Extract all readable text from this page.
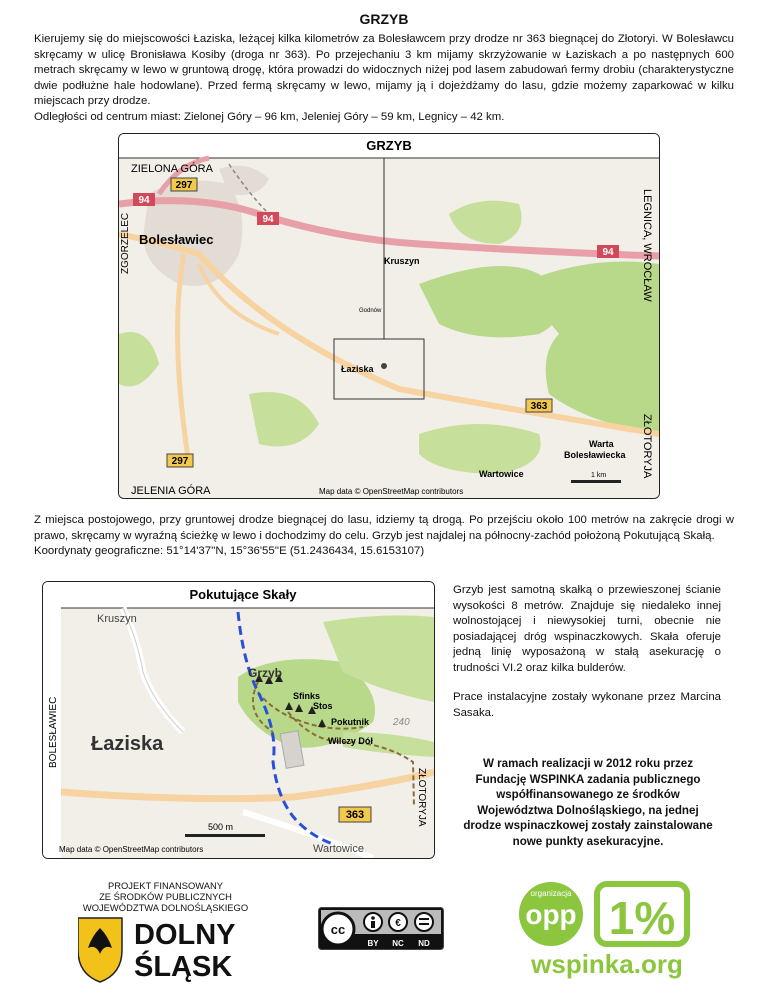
GRZYB

Kierujemy się do miejscowości Łaziska, leżącej kilka kilometrów za Bolesławcem przy drodze nr 363 biegnącej do Złotoryi. W Bolesławcu skręcamy w ulicę Bronisława Kosiby (droga nr 363). Po przejechaniu 3 km mijamy skrzyżowanie w Łaziskach a po następnych 600 metrach skręcamy w lewo w gruntową drogę, która prowadzi do widocznych niżej pod lasem zabudowań fermy drobiu (charakterystyczne dwie podłużne hale hodowlane). Przed fermą skręcamy w lewo, mijamy ją i dojeżdżamy do lasu, gdzie możemy zaparkować w kilku miejscach przy drodze.

Odległości od centrum miast: Zielonej Góry – 96 km, Jeleniej Góry – 59 km, Legnicy – 42 km.

297
94
94
94
363
297
GRZYB
ZIELONA GÓRA
Bolesławiec
Kruszyn
Godnów
Łaziska
Warta
Bolesławiecka
Wartowice
JELENIA GÓRA	Map data © OpenStreetMap contributors
1 km
ZGORZELEC	LEGNICA, WROCŁAW
ZŁOTORYJA

Z miejsca postojowego, przy gruntowej drodze biegnącej do lasu, idziemy tą drogą. Po przejściu około 100 metrów na zakręcie drogi w prawo, skręcamy w wyraźną ścieżkę w lewo i dochodzimy do celu. Grzyb jest najdalej na północny-zachód położoną Pokutującą Skałą.

Koordynaty geograficzne: 51°14'37''N, 15°36'55''E (51.2436434, 15.6153107)

Pokutujące Skały
Kruszyn
Grzyb
Sfinks
Stos
Pokutnik 240
Wilczy Dół
Łaziska
363
500 m
Map data © OpenStreetMap contributors	Wartowice
BOLESŁAWIEC
ZŁOTORYJA

Grzyb jest samotną skałką o przewieszonej ścianie wysokości 8 metrów. Znajduje się niedaleko innej wolnostojącej i niewysokiej turni, obecnie nie posiadającej dróg wspinaczkowych. Skała oferuje jedną linię wyposażoną w stałą asekurację o trudności VI.2 oraz kilka bulderów.

Prace instalacyjne zostały wykonane przez Marcina Sasaka.

W ramach realizacji w 2012 roku przez Fundację WSPINKA zadania publicznego współfinansowanego ze środków Województwa Dolnośląskiego, na jednej drodze wspinaczkowej zostały zainstalowane nowe punkty asekuracyjne.
PROJEKT FINANSOWANY
ZE ŚRODKÓW PUBLICZNYCH
WOJEWÓDZTWA DOLNOŚLĄSKIEGO
DOLNY
ŚLĄSK
cc	€
BY NC ND
organizacja
opp 1%
wspinka.org
